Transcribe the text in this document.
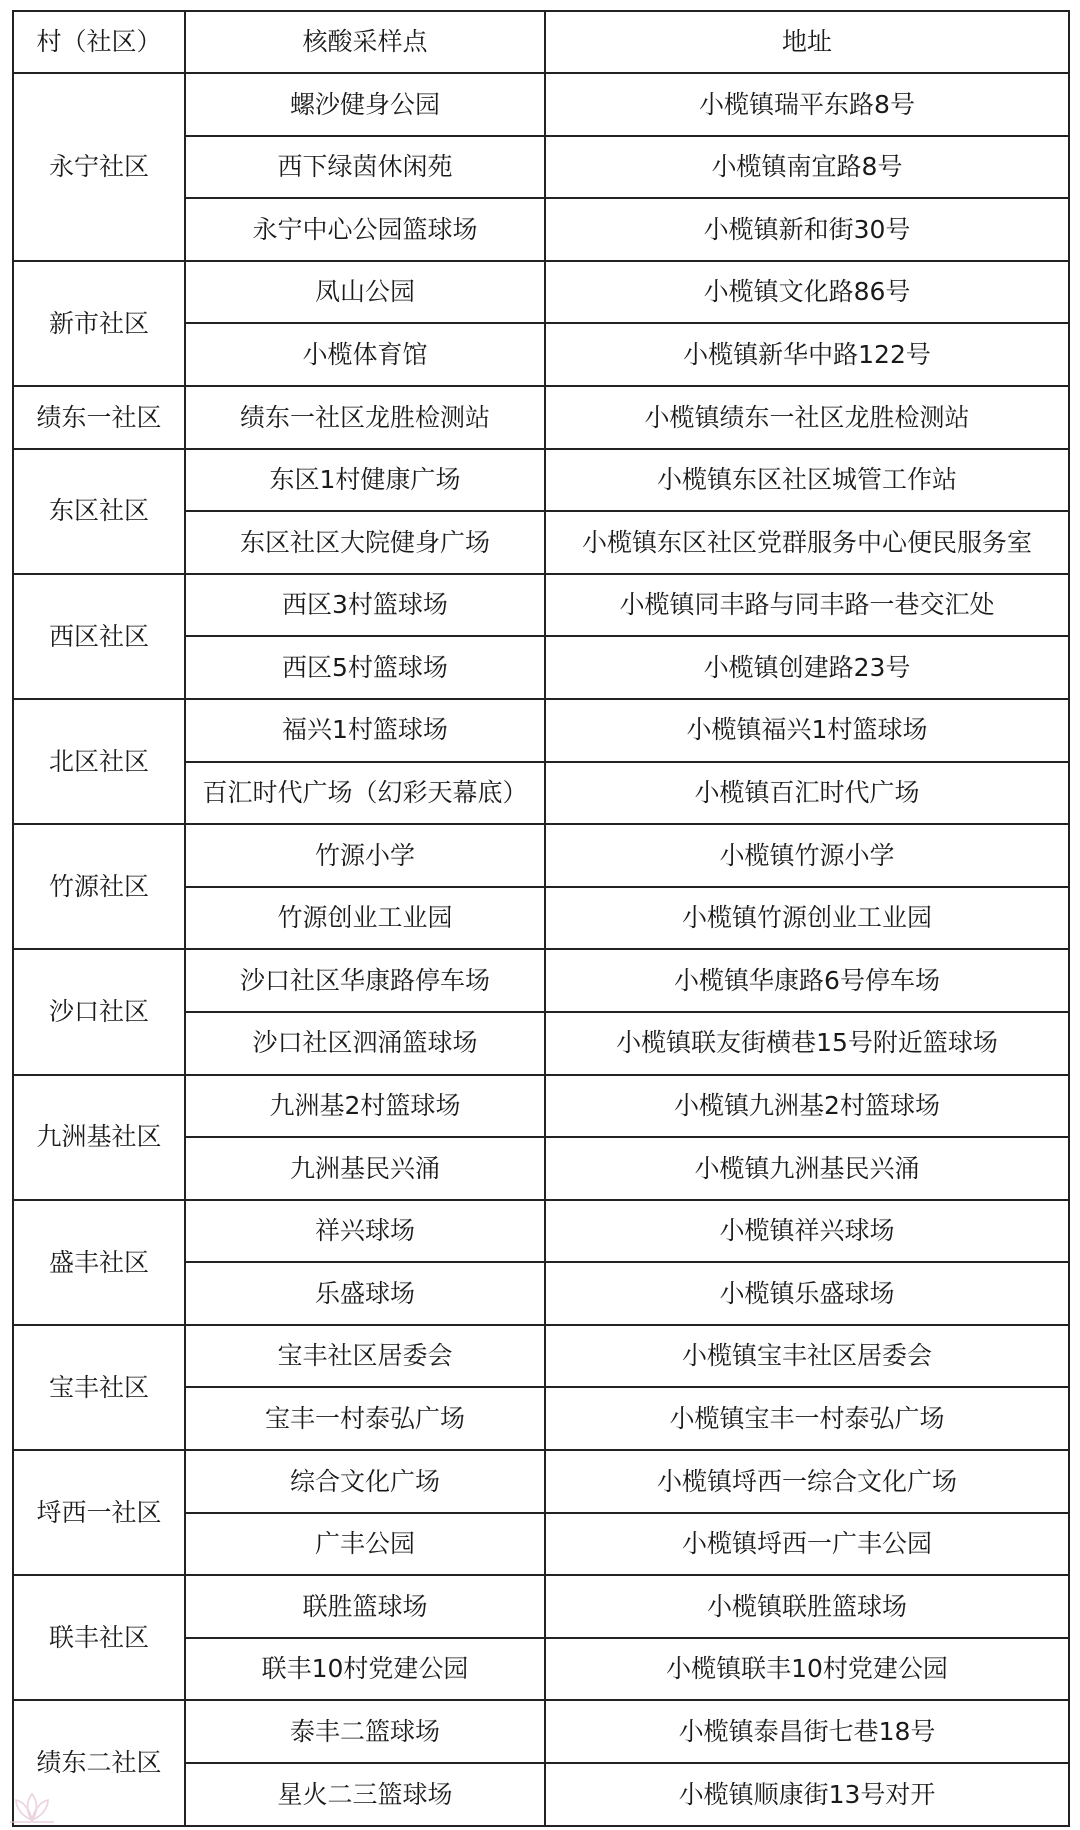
村（社区）	核酸采样点	地址
永宁社区	螺沙健身公园	小榄镇瑞平东路8号
	西下绿茵休闲苑	小榄镇南宜路8号
	永宁中心公园篮球场	小榄镇新和街30号
新市社区	凤山公园	小榄镇文化路86号
	小榄体育馆	小榄镇新华中路122号
绩东一社区	绩东一社区龙胜检测站	小榄镇绩东一社区龙胜检测站
东区社区	东区1村健康广场	小榄镇东区社区城管工作站
	东区社区大院健身广场	小榄镇东区社区党群服务中心便民服务室
西区社区	西区3村篮球场	小榄镇同丰路与同丰路一巷交汇处
	西区5村篮球场	小榄镇创建路23号
北区社区	福兴1村篮球场	小榄镇福兴1村篮球场
	百汇时代广场（幻彩天幕底）	小榄镇百汇时代广场
竹源社区	竹源小学	小榄镇竹源小学
	竹源创业工业园	小榄镇竹源创业工业园
沙口社区	沙口社区华康路停车场	小榄镇华康路6号停车场
	沙口社区泗涌篮球场	小榄镇联友街横巷15号附近篮球场
九洲基社区	九洲基2村篮球场	小榄镇九洲基2村篮球场
	九洲基民兴涌	小榄镇九洲基民兴涌
盛丰社区	祥兴球场	小榄镇祥兴球场
	乐盛球场	小榄镇乐盛球场
宝丰社区	宝丰社区居委会	小榄镇宝丰社区居委会
	宝丰一村泰弘广场	小榄镇宝丰一村泰弘广场
埒西一社区	综合文化广场	小榄镇埒西一综合文化广场
	广丰公园	小榄镇埒西一广丰公园
联丰社区	联胜篮球场	小榄镇联胜篮球场
	联丰10村党建公园	小榄镇联丰10村党建公园
绩东二社区	泰丰二篮球场	小榄镇泰昌街七巷18号
	星火二三篮球场	小榄镇顺康街13号对开
